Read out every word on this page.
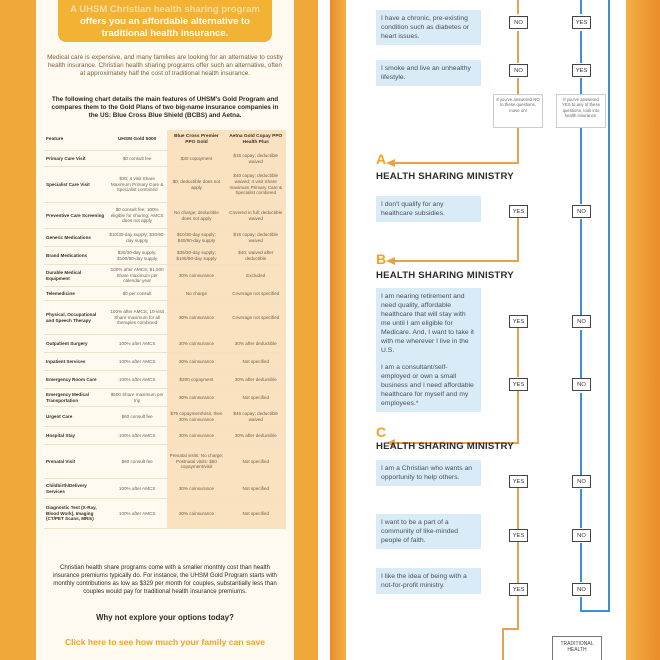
A UHSM Christian health sharing program
offers you an affordable alternative to
traditional health insurance.

Medical care is expensive, and many families are looking for an alternative to costly health insurance. Christian health sharing programs offer such an alternative, often at approximately half the cost of traditional health insurance.

The following chart details the main features of UHSM's Gold Program and compares them to the Gold Plans of two big-name insurance companies in the US: Blue Cross Blue Shield (BCBS) and Aetna.

Feature	UHSM Gold 5000	Blue Cross Premier PPO Gold	Aetna Gold Copay PPO Health Plus
Primary Care Visit	$0 consult fee	$30 copayment	$15 copay; deductible waived
Specialist Care Visit	$30; 4 visit Share Maximum Primary Care & Specialist combined	$0; deductible does not apply	$40 copay; deductible waived; 4 visit Share maximum Primary Care & Specialist combined
Preventive Care Screening	$0 consult fee; 100% eligible for sharing; AMCS does not apply	No charge; deductible does not apply	Covered in full; deductible waived
Generic Medications	$10/30-day supply; $30/90-day supply	$10/30-day supply; $40/90-day supply	$15 copay; deductible waived
Brand Medications	$30/30-day supply; $100/90-day supply	$35/30-day supply; $105/90-day supply	$40; waived after deductible
Durable Medical Equipment	100% after AMCS; $1,500 Share maximum per calendar year	30% coinsurance	Excluded
Telemedicine	$0 per consult	No charge	Coverage not specified
Physical, Occupational and Speech Therapy	100% after AMCS; 10-visit Share maximum for all therapies combined	30% coinsurance	Coverage not specified
Outpatient Surgery	100% after AMCS	30% coinsurance	30% after deductible
Inpatient Services	100% after AMCS	30% coinsurance	Not specified
Emergency Room Care	100% after AMCS	$300 copayment	30% after deductible
Emergency Medical Transportation	$500 Share maximum per trip	30% coinsurance	Not specified
Urgent Care	$60 consult fee	$75 copayment/visit, then 30% coinsurance	$45 copay; deductible waived
Hospital Stay	100% after AMCS	30% coinsurance	30% after deductible
Prenatal Visit	$60 consult fee	Prenatal visits: No charge; Postnatal visits: $50 copayment/visit	Not specified
Childbirth/Delivery Services	100% after AMCS	30% coinsurance	Not specified
Diagnostic Test (X-Ray, Blood Work), Imaging (CT/PET Scans, MRIs)	100% after AMCS	30% coinsurance	Not specified

Christian health share programs come with a smaller monthly cost than health insurance premiums typically do. For instance, the UHSM Gold Program starts with monthly contributions as low as $329 per month for couples, substantially less than couples would pay for traditional health insurance premiums.

Why not explore your options today?
Click here to see how much your family can save

I have a chronic, pre-existing condition such as diabetes or heart issues.

I smoke and live an unhealthy lifestyle.

NO	YES
NO	YES

If you've answered NO to these questions, move on!

If you've answered YES to any of these questions, look into health insurance.

A
HEALTH SHARING MINISTRY

I don't qualify for any healthcare subsidies.	YES	NO
B
HEALTH SHARING MINISTRY

I am nearing retirement and need quality, affordable healthcare that will stay with me until I am eligible for Medicare. And, I want to take it with me wherever I live in the U.S.

YES	NO

I am a consultant/self-employed or own a small business and I need affordable healthcare for myself and my employees.*

YES	NO
C
HEALTH SHARING MINISTRY

I am a Christian who wants an opportunity to help others.

YES	NO

I want to be a part of a community of like-minded people of faith.

YES	NO

I like the idea of being with a not-for-profit ministry.

YES	NO
TRADITIONAL HEALTH
